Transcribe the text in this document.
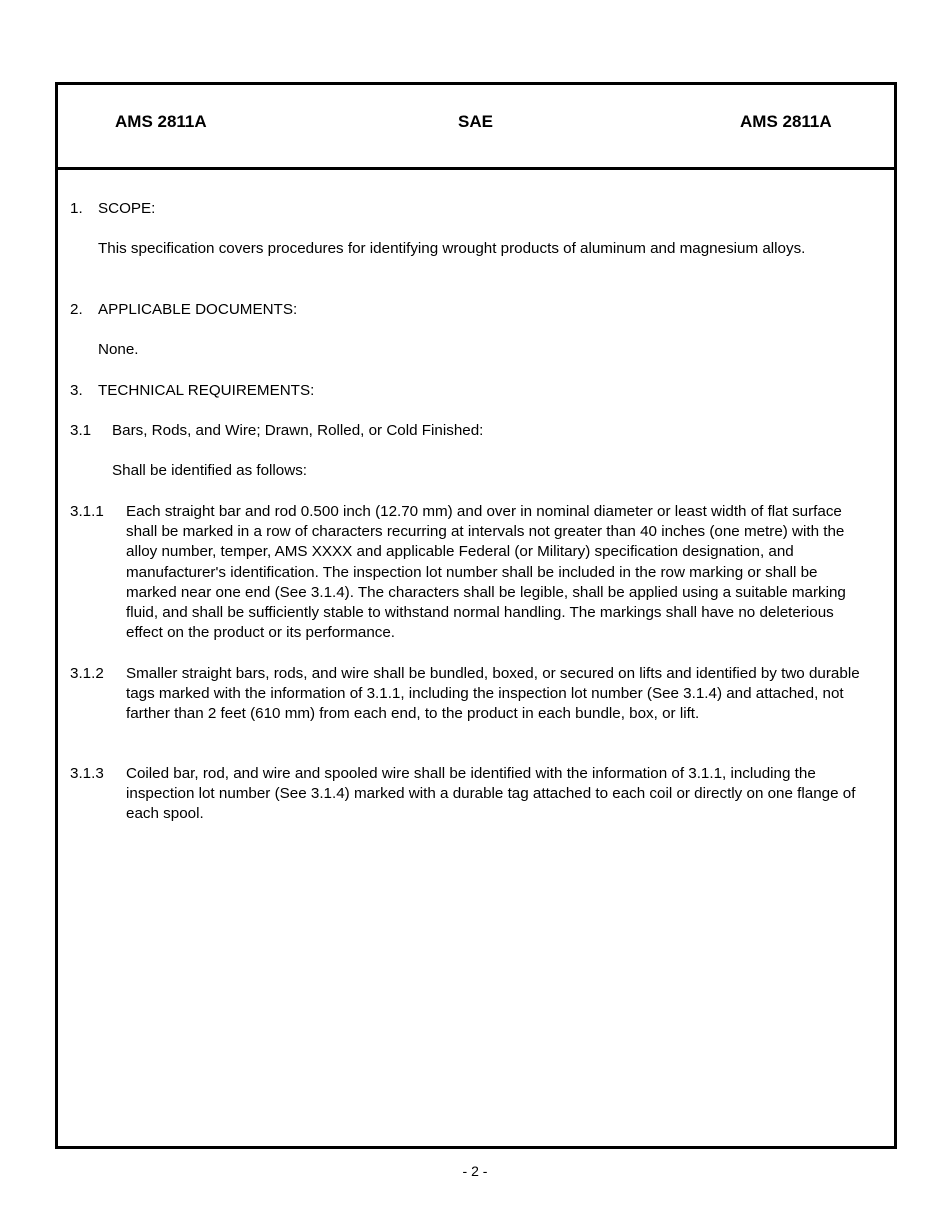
AMS 2811A	SAE	AMS 2811A
1. SCOPE:
This specification covers procedures for identifying wrought products of aluminum and magnesium alloys.
2. APPLICABLE DOCUMENTS:
None.
3. TECHNICAL REQUIREMENTS:
3.1 Bars, Rods, and Wire; Drawn, Rolled, or Cold Finished:
Shall be identified as follows:
3.1.1 Each straight bar and rod 0.500 inch (12.70 mm) and over in nominal diameter or least width of flat surface shall be marked in a row of characters recurring at intervals not greater than 40 inches (one metre) with the alloy number, temper, AMS XXXX and applicable Federal (or Military) specification designation, and manufacturer's identification. The inspection lot number shall be included in the row marking or shall be marked near one end (See 3.1.4). The characters shall be legible, shall be applied using a suitable marking fluid, and shall be sufficiently stable to withstand normal handling. The markings shall have no deleterious effect on the product or its performance.
3.1.2 Smaller straight bars, rods, and wire shall be bundled, boxed, or secured on lifts and identified by two durable tags marked with the information of 3.1.1, including the inspection lot number (See 3.1.4) and attached, not farther than 2 feet (610 mm) from each end, to the product in each bundle, box, or lift.
3.1.3 Coiled bar, rod, and wire and spooled wire shall be identified with the information of 3.1.1, including the inspection lot number (See 3.1.4) marked with a durable tag attached to each coil or directly on one flange of each spool.
- 2 -
